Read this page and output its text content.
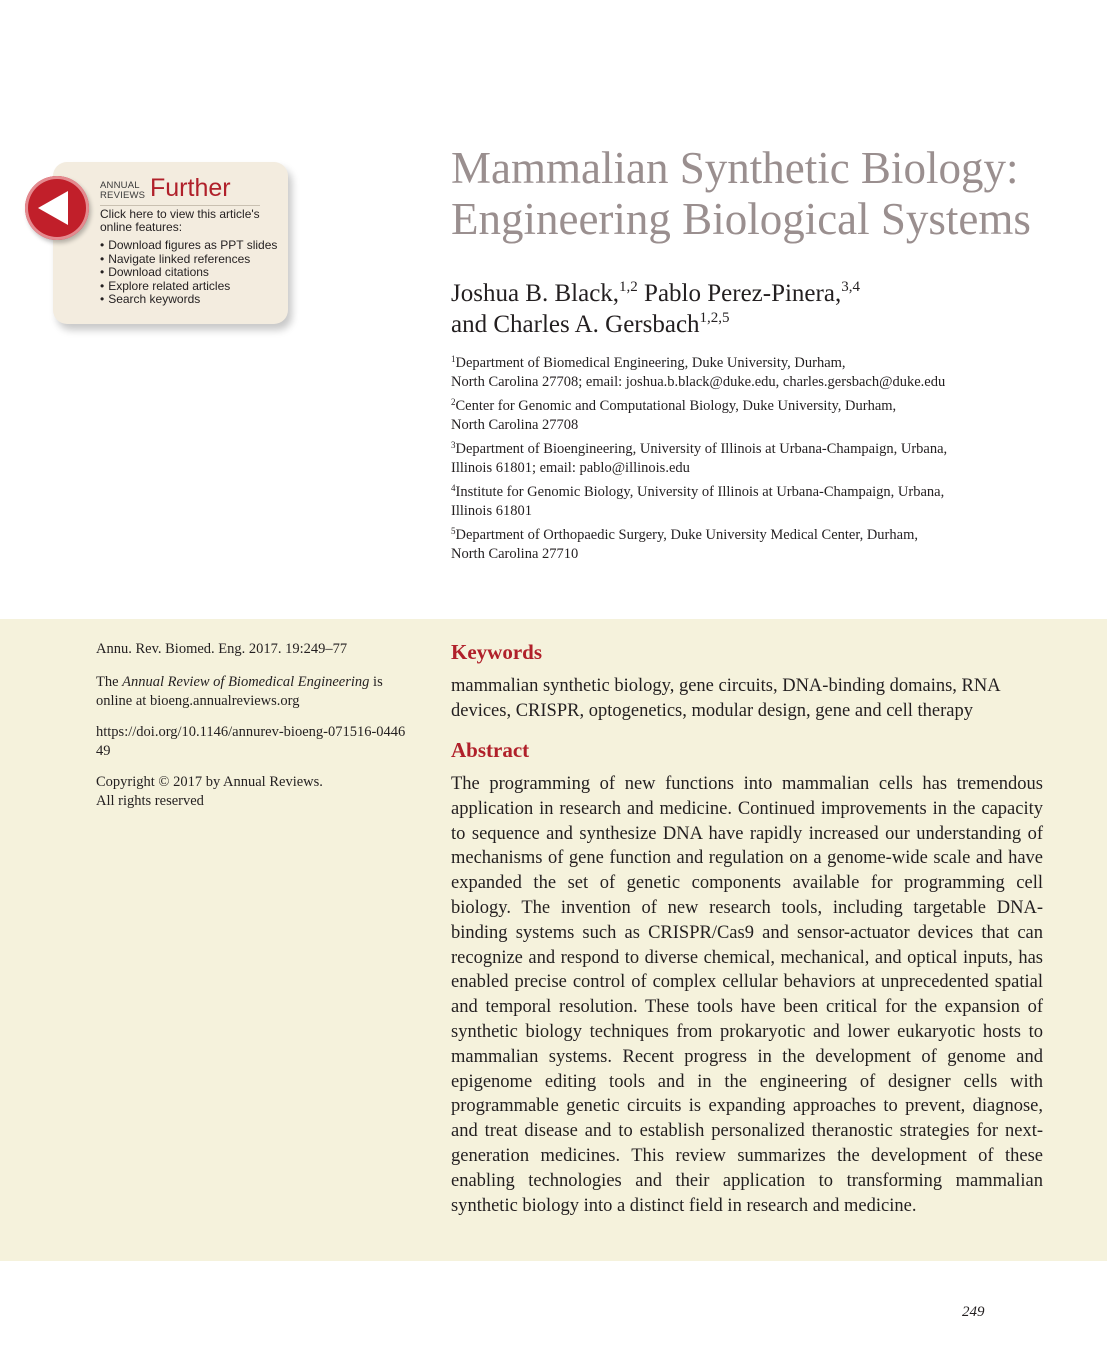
ANNUAL
REVIEWS Further
Click here to view this article's online features:
• Download figures as PPT slides
• Navigate linked references
• Download citations
• Explore related articles
• Search keywords
Mammalian Synthetic Biology:
Engineering Biological Systems
Joshua B. Black,$^{1,2}$ Pablo Perez-Pinera,$^{3,4}$
and Charles A. Gersbach$^{1,2,5}$
$^1$Department of Biomedical Engineering, Duke University, Durham,
North Carolina 27708; email: joshua.b.black@duke.edu, charles.gersbach@duke.edu
$^2$Center for Genomic and Computational Biology, Duke University, Durham,
North Carolina 27708
$^3$Department of Bioengineering, University of Illinois at Urbana-Champaign, Urbana,
Illinois 61801; email: pablo@illinois.edu
$^4$Institute for Genomic Biology, University of Illinois at Urbana-Champaign, Urbana,
Illinois 61801
$^5$Department of Orthopaedic Surgery, Duke University Medical Center, Durham,
North Carolina 27710

Annu. Rev. Biomed. Eng. 2017. 19:249–77

The Annual Review of Biomedical Engineering is online at bioeng.annualreviews.org

https://doi.org/10.1146/annurev-bioeng-071516-044649

Copyright © 2017 by Annual Reviews.
All rights reserved

Keywords

mammalian synthetic biology, gene circuits, DNA-binding domains, RNA devices, CRISPR, optogenetics, modular design, gene and cell therapy

Abstract

The programming of new functions into mammalian cells has tremendous application in research and medicine. Continued improvements in the capacity to sequence and synthesize DNA have rapidly increased our understanding of mechanisms of gene function and regulation on a genome-wide scale and have expanded the set of genetic components available for programming cell biology. The invention of new research tools, including targetable DNA-binding systems such as CRISPR/Cas9 and sensor-actuator devices that can recognize and respond to diverse chemical, mechanical, and optical inputs, has enabled precise control of complex cellular behaviors at unprecedented spatial and temporal resolution. These tools have been critical for the expansion of synthetic biology techniques from prokaryotic and lower eukaryotic hosts to mammalian systems. Recent progress in the development of genome and epigenome editing tools and in the engineering of designer cells with programmable genetic circuits is expanding approaches to prevent, diagnose, and treat disease and to establish personalized theranostic strategies for next-generation medicines. This review summarizes the development of these enabling technologies and their application to transforming mammalian synthetic biology into a distinct field in research and medicine.

249
